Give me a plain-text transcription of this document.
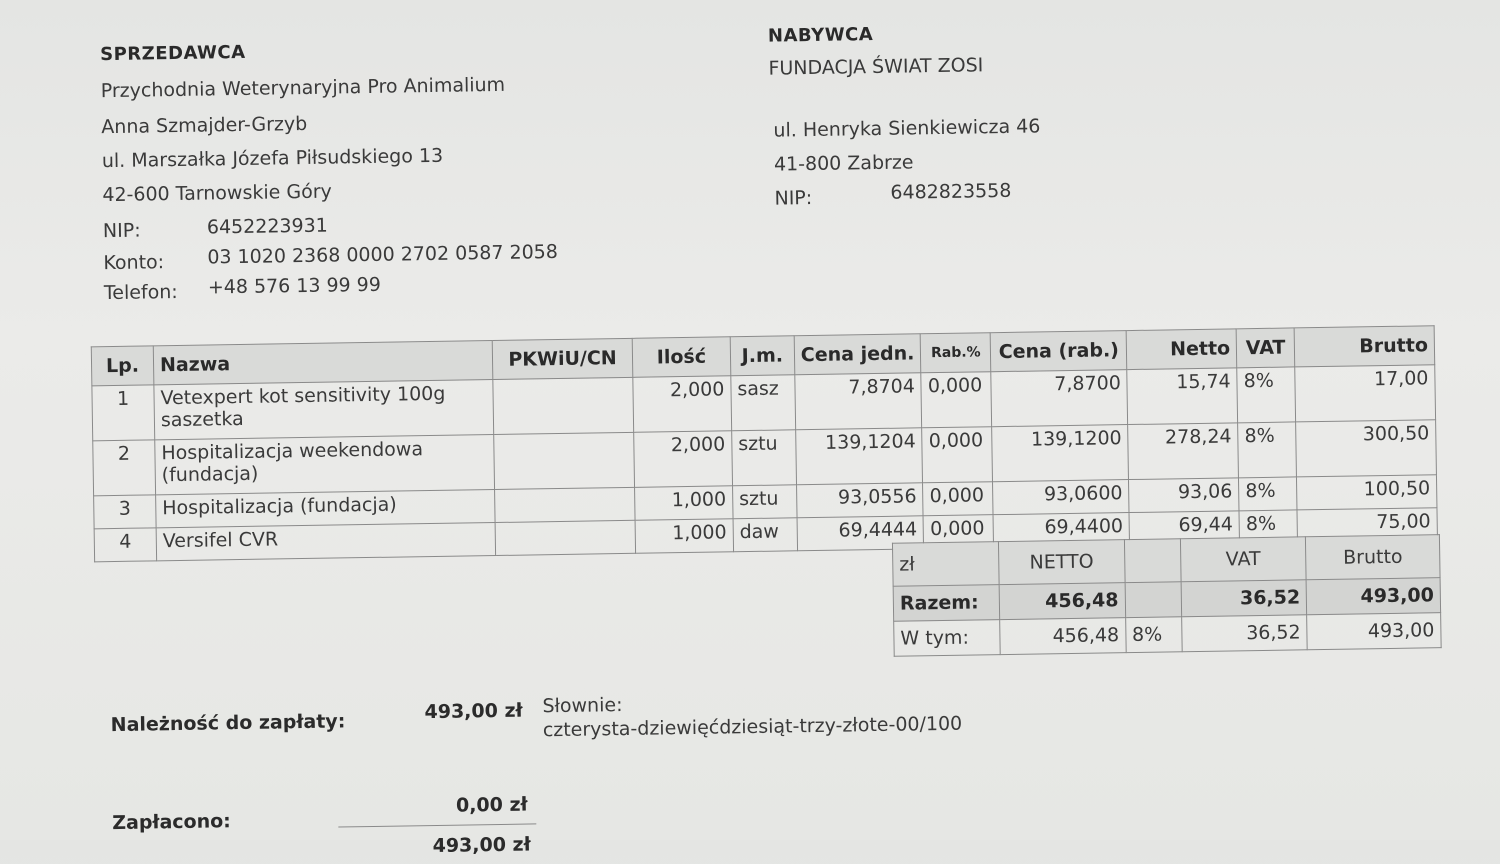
SPRZEDAWCA
Przychodnia Weterynaryjna Pro Animalium
Anna Szmajder-Grzyb
ul. Marszałka Józefa Piłsudskiego 13
42-600 Tarnowskie Góry
NIP:	6452223931
Konto: 03 1020 2368 0000 2702 0587 2058
Telefon: +48 576 13 99 99
NABYWCA
FUNDACJA ŚWIAT ZOSI
ul. Henryka Sienkiewicza 46
41-800 Zabrze
NIP:	6482823558
Lp.	Nazwa	PKWiU/CN	Ilość	J.m.	Cena jedn.	Rab.%	Cena (rab.)	Netto	VAT	Brutto
1	Vetexpert kot sensitivity 100g saszetka		2,000	sasz	7,8704	0,000	7,8700	15,74	8%	17,00
2	Hospitalizacja weekendowa (fundacja)		2,000	sztu	139,1204	0,000	139,1200	278,24	8%	300,50
3	Hospitalizacja (fundacja)		1,000	sztu	93,0556	0,000	93,0600	93,06	8%	100,50
4	Versifel CVR		1,000	daw	69,4444	0,000	69,4400	69,44	8%	75,00
zł	NETTO		VAT	Brutto
Razem:	456,48		36,52	493,00
W tym:	456,48	8%	36,52	493,00
Należność do zapłaty:	493,00 zł Słownie:
czterysta-dziewięćdziesiąt-trzy-złote-00/100
Zapłacono:
0,00 zł
493,00 zł
